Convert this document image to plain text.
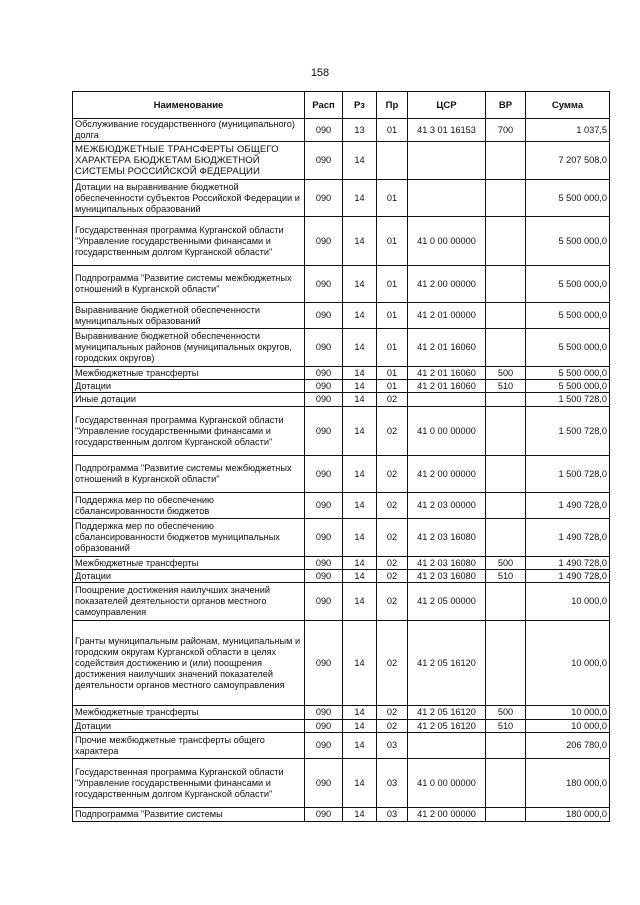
158
Наименование	Расп	Рз	Пр	ЦСР	ВР	Сумма
Обслуживание государственного (муниципального) долга	090	13	01	41 3 01 16153	700	1 037,5
МЕЖБЮДЖЕТНЫЕ ТРАНСФЕРТЫ ОБЩЕГО ХАРАКТЕРА БЮДЖЕТАМ БЮДЖЕТНОЙ СИСТЕМЫ РОССИЙСКОЙ ФЕДЕРАЦИИ	090	14				7 207 508,0
Дотации на выравнивание бюджетной обеспеченности субъектов Российской Федерации и муниципальных образований	090	14	01			5 500 000,0
Государственная программа Курганской области "Управление государственными финансами и государственным долгом Курганской области"	090	14	01	41 0 00 00000		5 500 000,0
Подпрограмма "Развитие системы межбюджетных отношений в Курганской области"	090	14	01	41 2 00 00000		5 500 000,0
Выравнивание бюджетной обеспеченности муниципальных образований	090	14	01	41 2 01 00000		5 500 000,0
Выравнивание бюджетной обеспеченности муниципальных районов (муниципальных округов, городских округов)	090	14	01	41 2 01 16060		5 500 000,0
Межбюджетные трансферты	090	14	01	41 2 01 16060	500	5 500 000,0
Дотации	090	14	01	41 2 01 16060	510	5 500 000,0
Иные дотации	090	14	02			1 500 728,0
Государственная программа Курганской области "Управление государственными финансами и государственным долгом Курганской области"	090	14	02	41 0 00 00000		1 500 728,0
Подпрограмма "Развитие системы межбюджетных отношений в Курганской области"	090	14	02	41 2 00 00000		1 500 728,0
Поддержка мер по обеспечению сбалансированности бюджетов	090	14	02	41 2 03 00000		1 490 728,0
Поддержка мер по обеспечению сбалансированности бюджетов муниципальных образований	090	14	02	41 2 03 16080		1 490 728,0
Межбюджетные трансферты	090	14	02	41 2 03 16080	500	1 490 728,0
Дотации	090	14	02	41 2 03 16080	510	1 490 728,0
Поощрение достижения наилучших значений показателей деятельности органов местного самоуправления	090	14	02	41 2 05 00000		10 000,0
Гранты муниципальным районам, муниципальным и городским округам Курганской области в целях содействия достижению и (или) поощрения достижения наилучших значений показателей деятельности органов местного самоуправления	090	14	02	41 2 05 16120		10 000,0
Межбюджетные трансферты	090	14	02	41 2 05 16120	500	10 000,0
Дотации	090	14	02	41 2 05 16120	510	10 000,0
Прочие межбюджетные трансферты общего характера	090	14	03			206 780,0
Государственная программа Курганской области "Управление государственными финансами и государственным долгом Курганской области"	090	14	03	41 0 00 00000		180 000,0
Подпрограмма "Развитие системы	090	14	03	41 2 00 00000		180 000,0
